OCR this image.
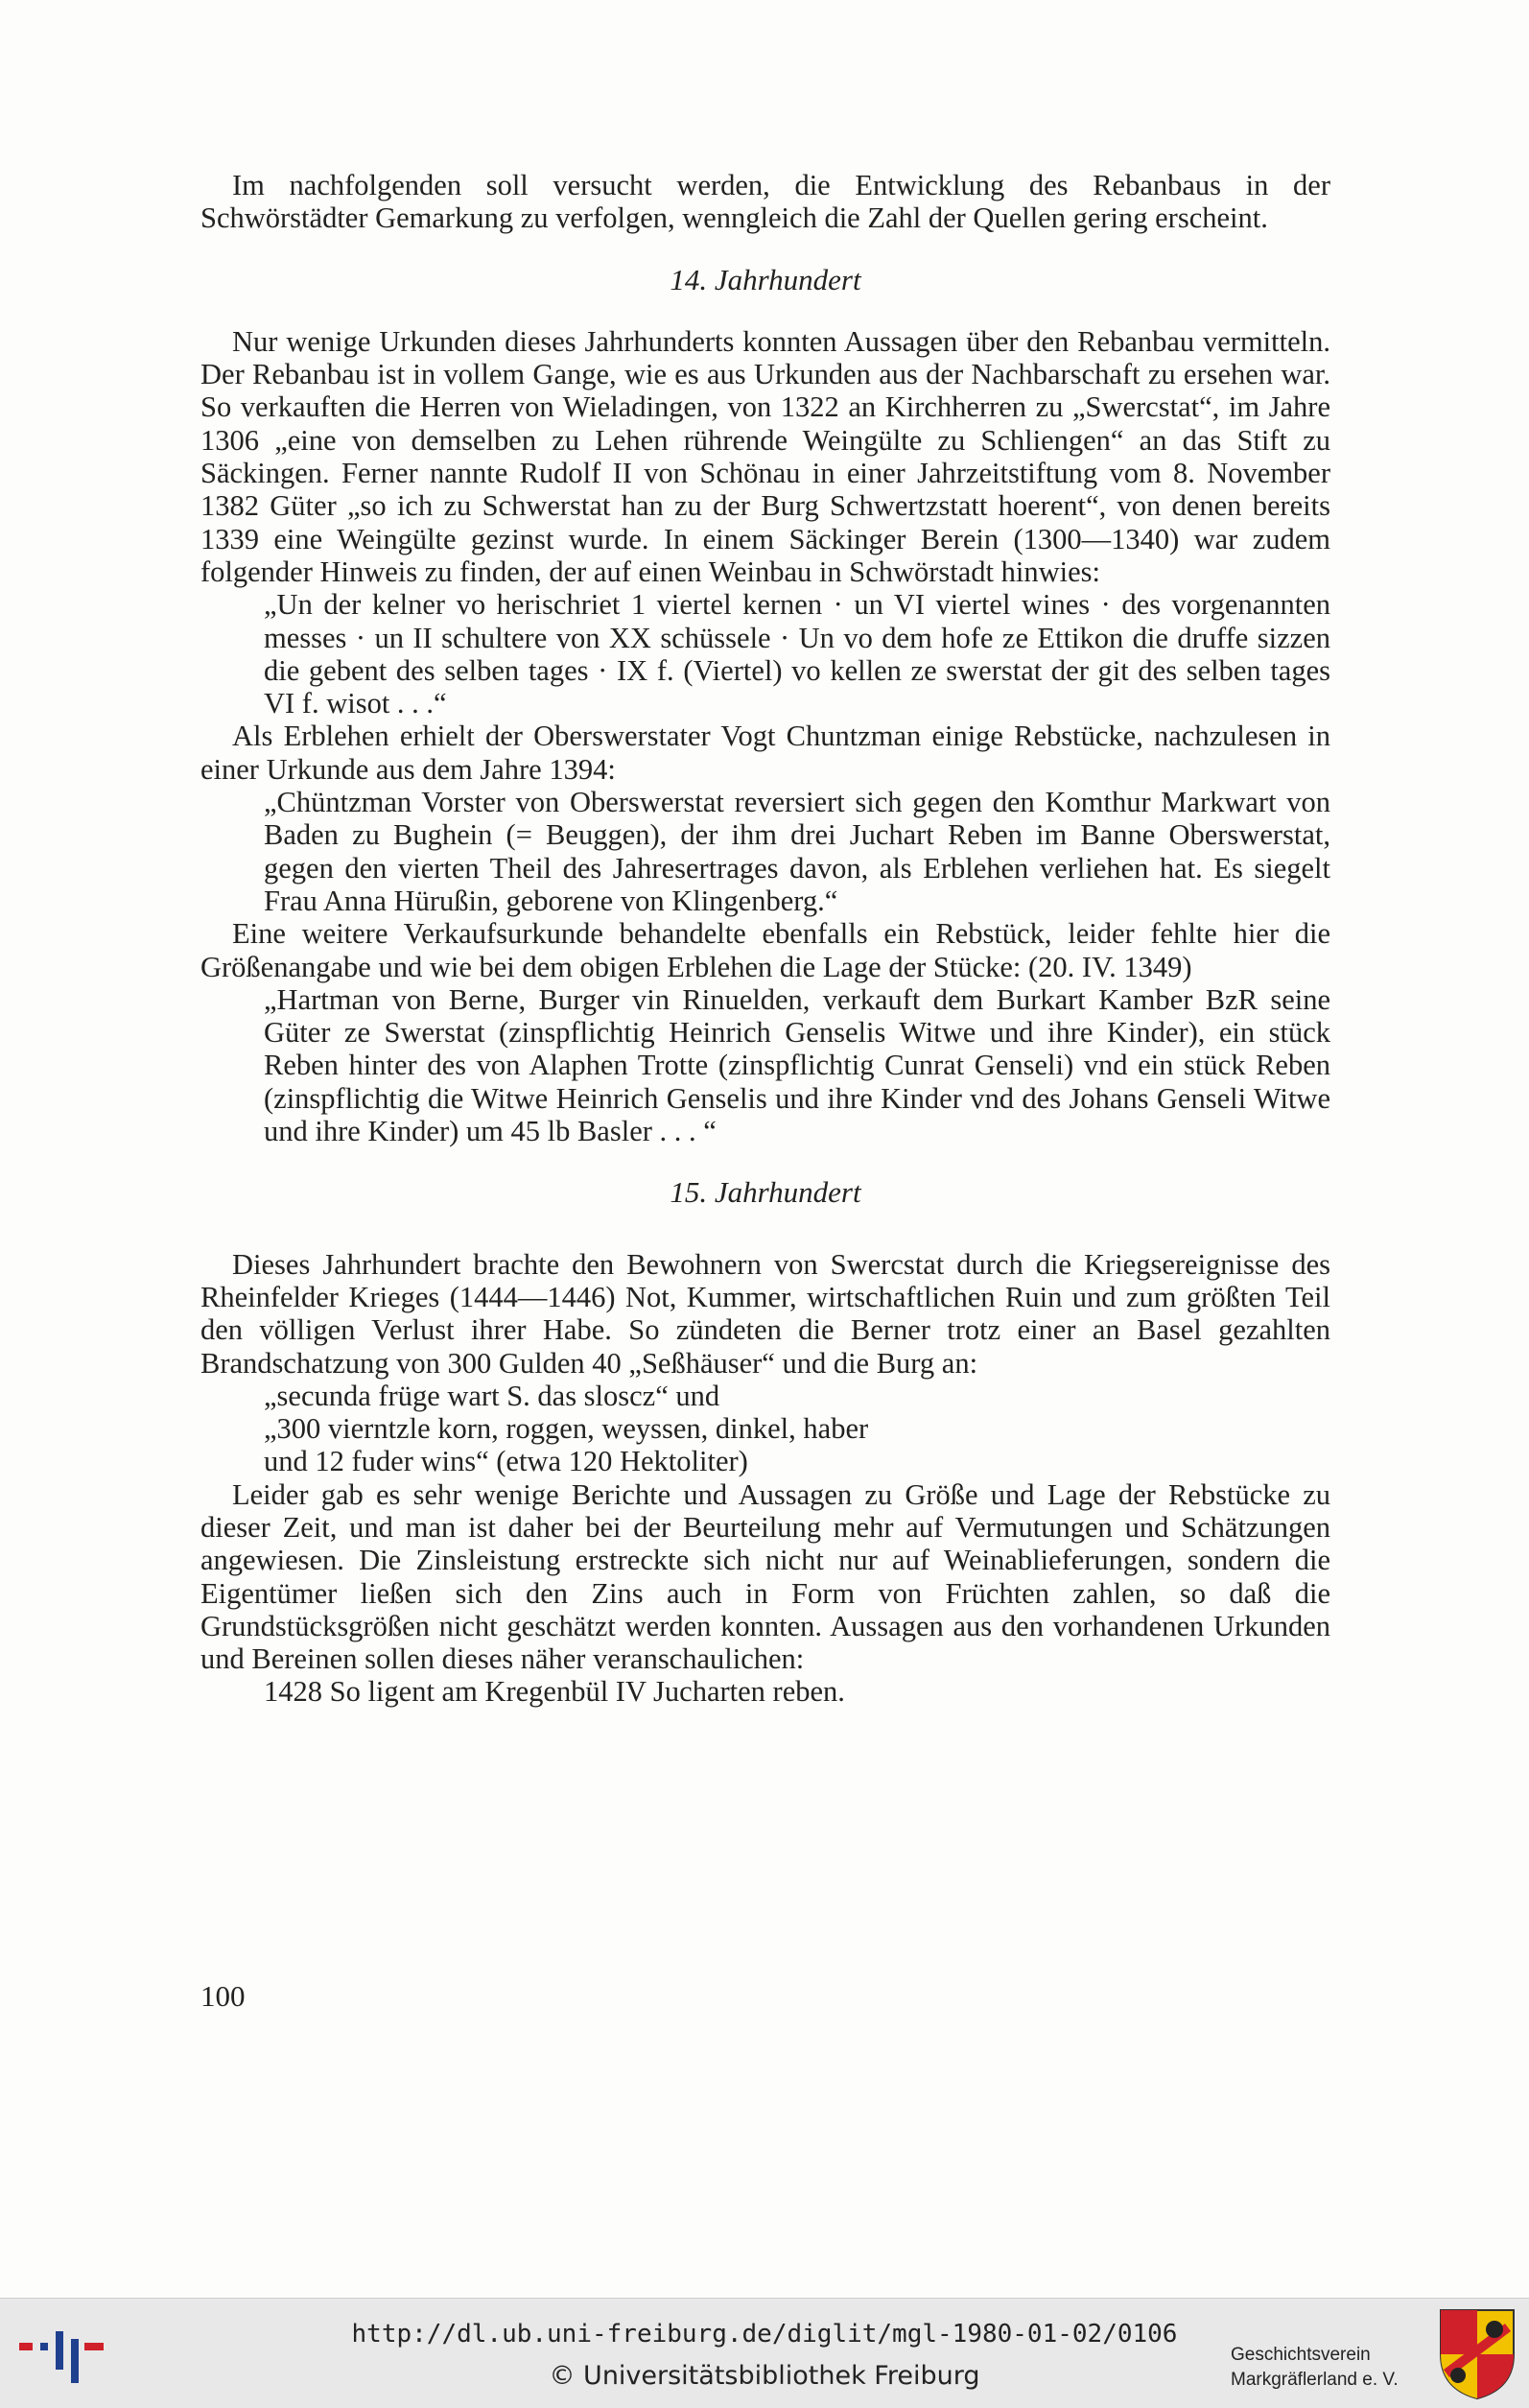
Im nachfolgenden soll versucht werden, die Entwicklung des Rebanbaus in der Schwörstädter Gemarkung zu verfolgen, wenngleich die Zahl der Quellen gering erscheint.

14. Jahrhundert

Nur wenige Urkunden dieses Jahrhunderts konnten Aussagen über den Rebanbau vermitteln. Der Rebanbau ist in vollem Gange, wie es aus Urkunden aus der Nachbarschaft zu ersehen war. So verkauften die Herren von Wieladingen, von 1322 an Kirchherren zu „Swercstat“, im Jahre 1306 „eine von demselben zu Lehen rührende Weingülte zu Schliengen“ an das Stift zu Säckingen. Ferner nannte Rudolf II von Schönau in einer Jahrzeitstiftung vom 8. November 1382 Güter „so ich zu Schwerstat han zu der Burg Schwertzstatt hoerent“, von denen bereits 1339 eine Weingülte gezinst wurde. In einem Säckinger Berein (1300—1340) war zudem folgender Hinweis zu finden, der auf einen Weinbau in Schwörstadt hinwies:

„Un der kelner vo herischriet 1 viertel kernen · un VI viertel wines · des vorgenannten messes · un II schultere von XX schüssele · Un vo dem hofe ze Ettikon die druffe sizzen die gebent des selben tages · IX f. (Viertel) vo kellen ze swerstat der git des selben tages VI f. wisot . . .“

Als Erblehen erhielt der Oberswerstater Vogt Chuntzman einige Rebstücke, nachzulesen in einer Urkunde aus dem Jahre 1394:

„Chüntzman Vorster von Oberswerstat reversiert sich gegen den Komthur Markwart von Baden zu Bughein (= Beuggen), der ihm drei Juchart Reben im Banne Oberswerstat, gegen den vierten Theil des Jahresertrages davon, als Erblehen verliehen hat. Es siegelt Frau Anna Hürußin, geborene von Klingenberg.“

Eine weitere Verkaufsurkunde behandelte ebenfalls ein Rebstück, leider fehlte hier die Größenangabe und wie bei dem obigen Erblehen die Lage der Stücke: (20. IV. 1349)

„Hartman von Berne, Burger vin Rinuelden, verkauft dem Burkart Kamber BzR seine Güter ze Swerstat (zinspflichtig Heinrich Genselis Witwe und ihre Kinder), ein stück Reben hinter des von Alaphen Trotte (zinspflichtig Cunrat Genseli) vnd ein stück Reben (zinspflichtig die Witwe Heinrich Genselis und ihre Kinder vnd des Johans Genseli Witwe und ihre Kinder) um 45 lb Basler . . . “

15. Jahrhundert

Dieses Jahrhundert brachte den Bewohnern von Swercstat durch die Kriegsereignisse des Rheinfelder Krieges (1444—1446) Not, Kummer, wirtschaftlichen Ruin und zum größten Teil den völligen Verlust ihrer Habe. So zündeten die Berner trotz einer an Basel gezahlten Brandschatzung von 300 Gulden 40 „Seßhäuser“ und die Burg an:

„secunda früge wart S. das sloscz“ und

„300 vierntzle korn, roggen, weyssen, dinkel, haber

und 12 fuder wins“ (etwa 120 Hektoliter)

Leider gab es sehr wenige Berichte und Aussagen zu Größe und Lage der Rebstücke zu dieser Zeit, und man ist daher bei der Beurteilung mehr auf Vermutungen und Schätzungen angewiesen. Die Zinsleistung erstreckte sich nicht nur auf Weinablieferungen, sondern die Eigentümer ließen sich den Zins auch in Form von Früchten zahlen, so daß die Grundstücksgrößen nicht geschätzt werden konnten. Aussagen aus den vorhandenen Urkunden und Bereinen sollen dieses näher veranschaulichen:

1428 So ligent am Kregenbül IV Jucharten reben.

100
http://dl.ub.uni-freiburg.de/diglit/mgl-1980-01-02/0106
© Universitätsbibliothek Freiburg
Geschichtsverein
Markgräflerland e. V.
